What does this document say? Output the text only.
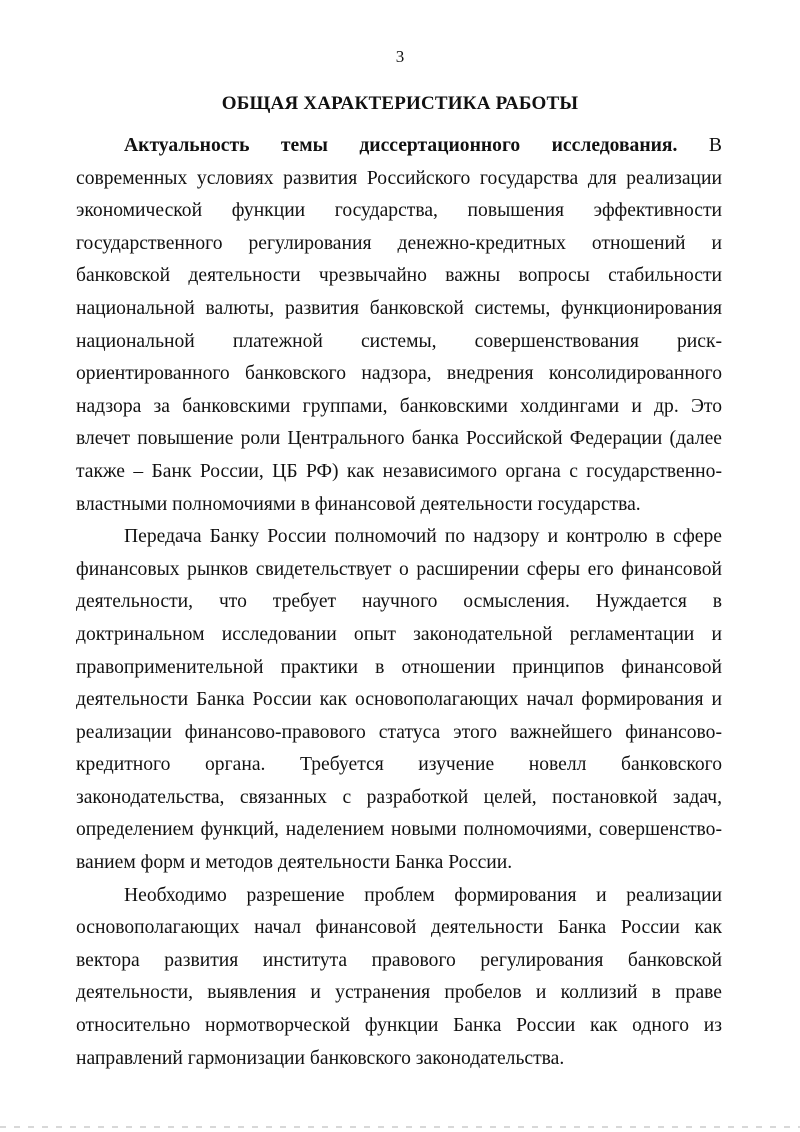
3
ОБЩАЯ ХАРАКТЕРИСТИКА РАБОТЫ

Актуальность темы диссертационного исследования. В современных условиях развития Российского государства для реализации экономической функции государства, повышения эффективности государственного регулирования денежно-кредитных отношений и банковской деятельности чрезвычайно важны вопросы стабильности национальной валюты, развития банковской системы, функционирования национальной платежной системы, совершенствования риск-ориентированного банковского надзора, внедрения консолидированного надзора за банковскими группами, банковскими холдингами и др. Это влечет повышение роли Центрального банка Российской Федерации (далее также – Банк России, ЦБ РФ) как независимого органа с государственно-властными полномочиями в финансовой деятельности государства.

Передача Банку России полномочий по надзору и контролю в сфере финансовых рынков свидетельствует о расширении сферы его финансовой деятельности, что требует научного осмысления. Нуждается в доктринальном исследовании опыт законодательной регламентации и правоприменительной практики в отношении принципов финансовой деятельности Банка России как основополагающих начал формирования и реализации финансово-правового статуса этого важнейшего финансово-кредитного органа. Требуется изучение новелл банковского законодательства, связанных с разработкой целей, постановкой задач, определением функций, наделением новыми полномочиями, совершенствованием форм и методов деятельности Банка России.

Необходимо разрешение проблем формирования и реализации основополагающих начал финансовой деятельности Банка России как вектора развития института правового регулирования банковской деятельности, выявления и устранения пробелов и коллизий в праве относительно нормотворческой функции Банка России как одного из направлений гармонизации банковского законодательства.
